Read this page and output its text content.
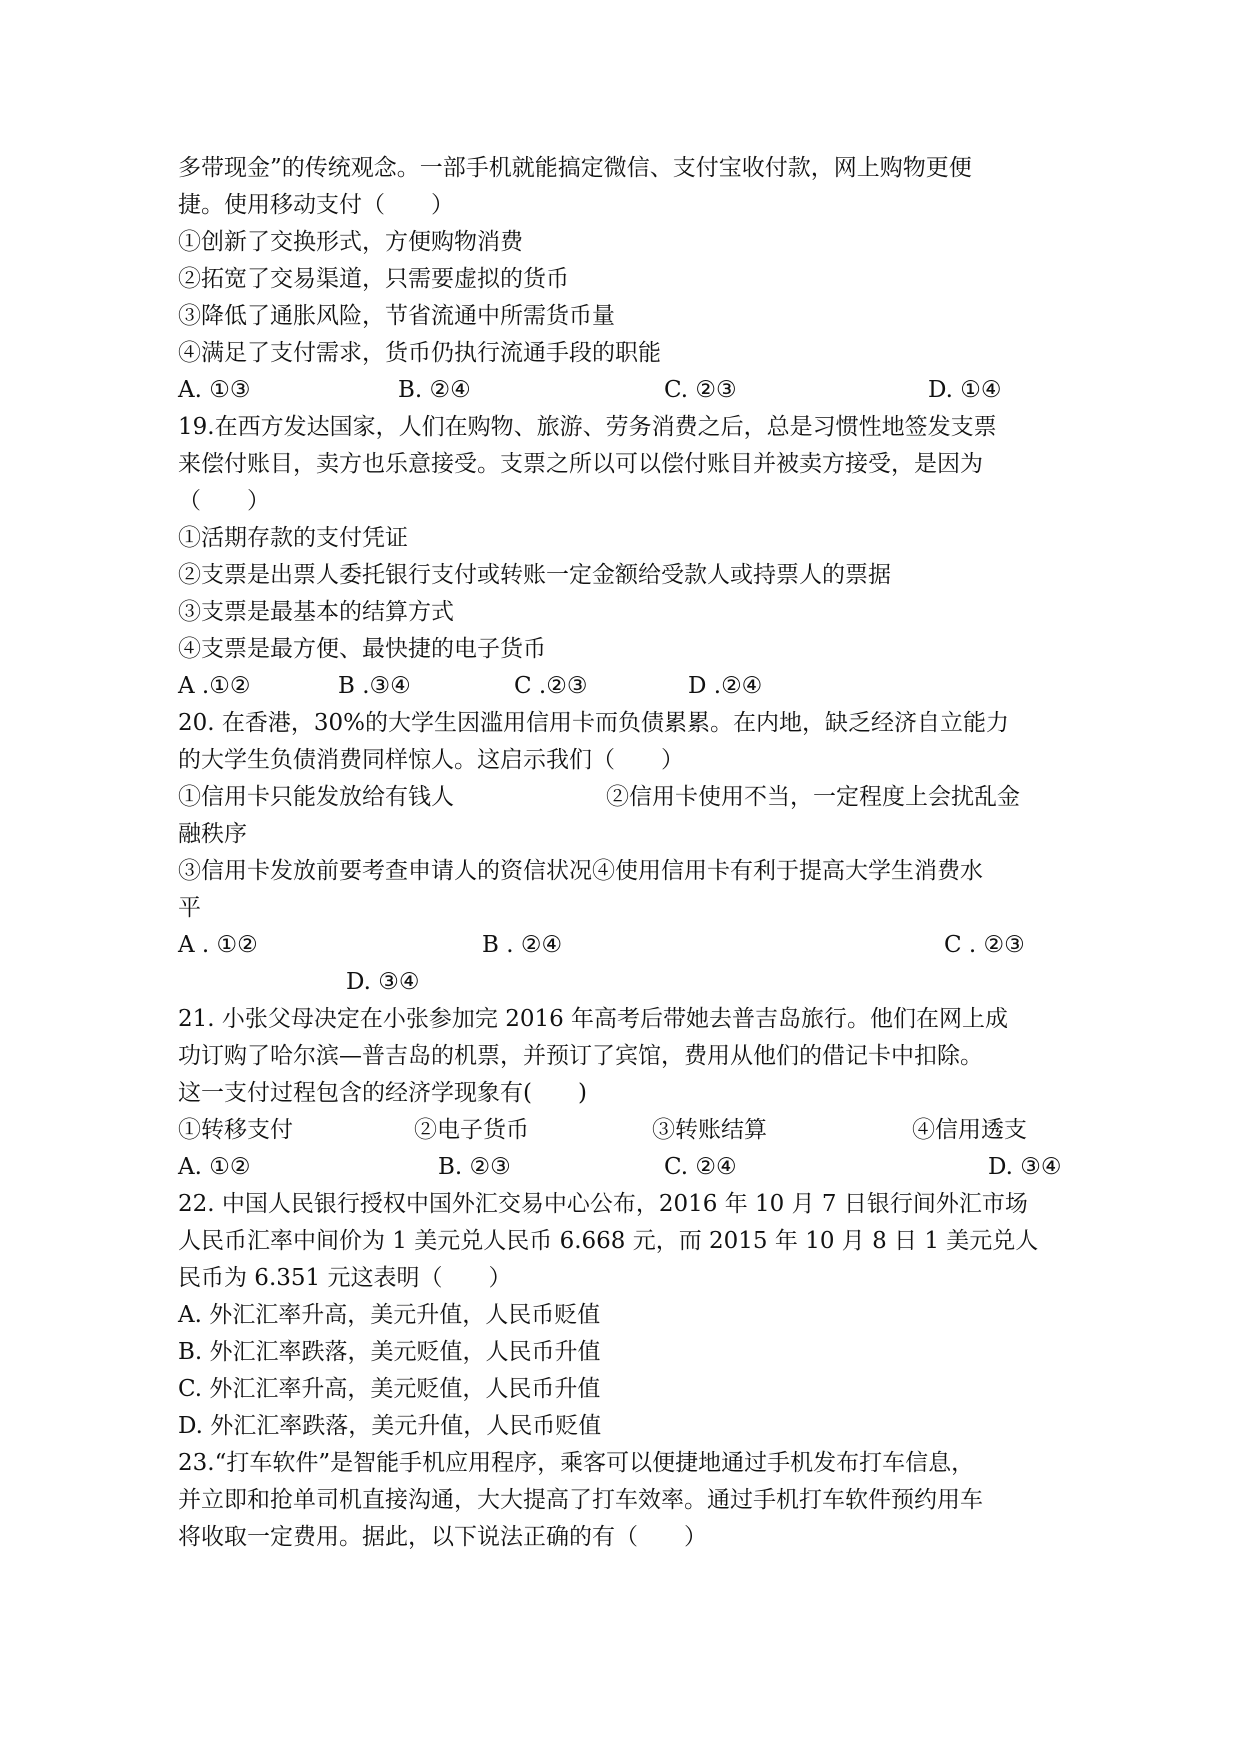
多带现金”的传统观念。一部手机就能搞定微信、支付宝收付款，网上购物更便
捷。使用移动支付（　　）
①创新了交换形式，方便购物消费
②拓宽了交易渠道，只需要虚拟的货币
③降低了通胀风险，节省流通中所需货币量
④满足了支付需求，货币仍执行流通手段的职能
A. ①③	B. ②④	C. ②③	D. ①④
19.在西方发达国家，人们在购物、旅游、劳务消费之后，总是习惯性地签发支票
来偿付账目，卖方也乐意接受。支票之所以可以偿付账目并被卖方接受，是因为
（　　）
①活期存款的支付凭证
②支票是出票人委托银行支付或转账一定金额给受款人或持票人的票据
③支票是最基本的结算方式
④支票是最方便、最快捷的电子货币
A .①②	B .③④	C .②③	D .②④
20. 在香港，30%的大学生因滥用信用卡而负债累累。在内地，缺乏经济自立能力
的大学生负债消费同样惊人。这启示我们（　　）
①信用卡只能发放给有钱人	②信用卡使用不当，一定程度上会扰乱金
融秩序
③信用卡发放前要考查申请人的资信状况④使用信用卡有利于提高大学生消费水
平
A . ①②	B . ②④	C . ②③
D. ③④
21. 小张父母决定在小张参加完 2016 年高考后带她去普吉岛旅行。他们在网上成
功订购了哈尔滨—普吉岛的机票，并预订了宾馆，费用从他们的借记卡中扣除。
这一支付过程包含的经济学现象有(　　)
①转移支付	②电子货币	③转账结算	④信用透支
A. ①②	B. ②③	C. ②④	D. ③④
22. 中国人民银行授权中国外汇交易中心公布，2016 年 10 月 7 日银行间外汇市场
人民币汇率中间价为 1 美元兑人民币 6.668 元，而 2015 年 10 月 8 日 1 美元兑人
民币为 6.351 元这表明（　　）
A. 外汇汇率升高，美元升值，人民币贬值
B. 外汇汇率跌落，美元贬值，人民币升值
C. 外汇汇率升高，美元贬值，人民币升值
D. 外汇汇率跌落，美元升值，人民币贬值
23.“打车软件”是智能手机应用程序，乘客可以便捷地通过手机发布打车信息，
并立即和抢单司机直接沟通，大大提高了打车效率。通过手机打车软件预约用车
将收取一定费用。据此，以下说法正确的有（　　）
